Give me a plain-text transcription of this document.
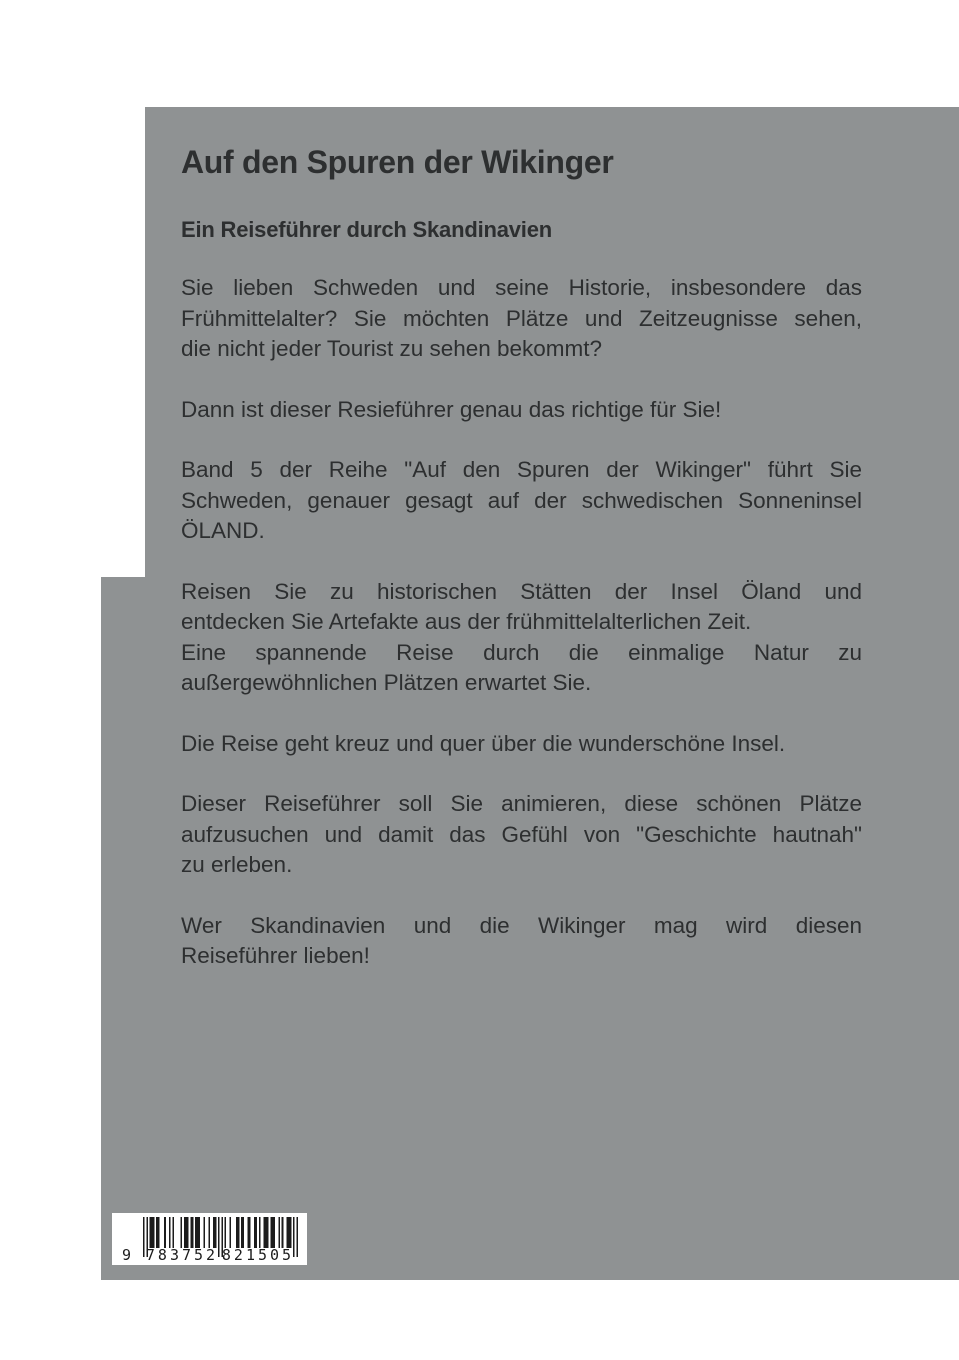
Auf den Spuren der Wikinger
Ein Reiseführer durch Skandinavien
Sie lieben Schweden und seine Historie, insbesondere das
Frühmittelalter? Sie möchten Plätze und Zeitzeugnisse sehen,
die nicht jeder Tourist zu sehen bekommt?
Dann ist dieser Resieführer genau das richtige für Sie!
Band 5 der Reihe "Auf den Spuren der Wikinger" führt Sie
Schweden, genauer gesagt auf der schwedischen Sonneninsel
ÖLAND.
Reisen Sie zu historischen Stätten der Insel Öland und
entdecken Sie Artefakte aus der frühmittelalterlichen Zeit.
Eine spannende Reise durch die einmalige Natur zu
außergewöhnlichen Plätzen erwartet Sie.
Die Reise geht kreuz und quer über die wunderschöne Insel.
Dieser Reiseführer soll Sie animieren, diese schönen Plätze
aufzusuchen und damit das Gefühl von "Geschichte hautnah"
zu erleben.
Wer Skandinavien und die Wikinger mag wird diesen
Reiseführer lieben!
9 783752 821505
